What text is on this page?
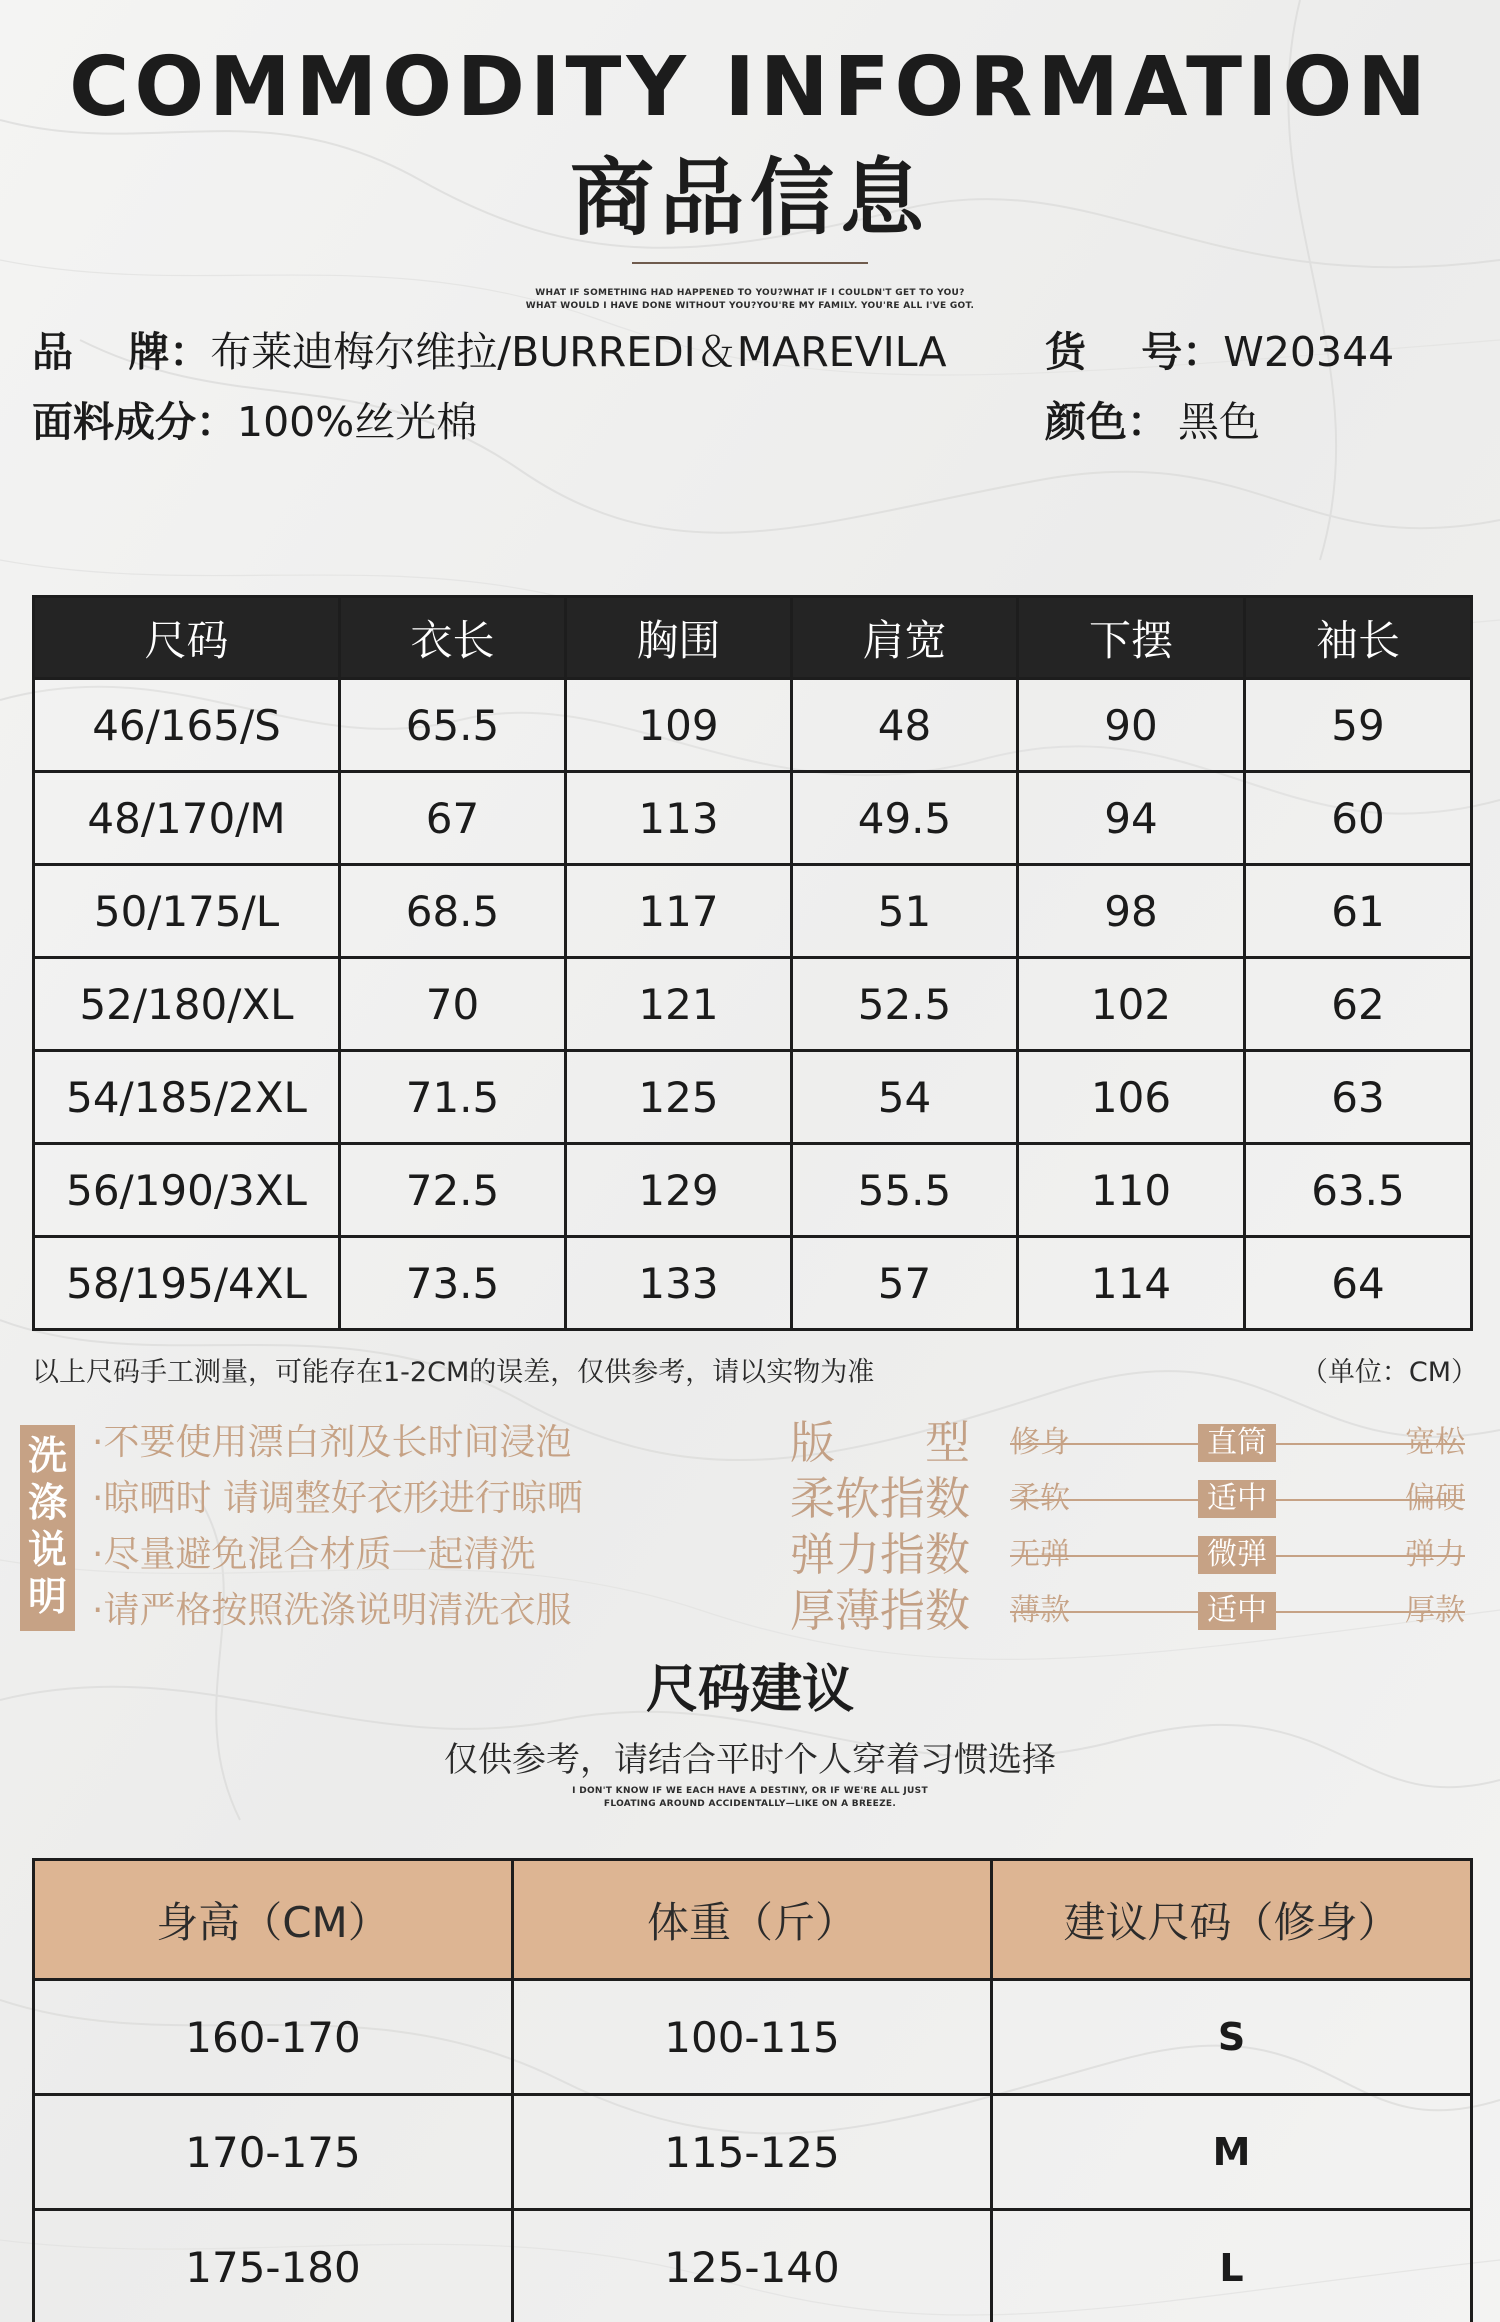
COMMODITY INFORMATION
商品信息
WHAT IF SOMETHING HAD HAPPENED TO YOU?WHAT IF I COULDN'T GET TO YOU?
WHAT WOULD I HAVE DONE WITHOUT YOU?YOU'RE MY FAMILY. YOU'RE ALL I'VE GOT.
品　 牌：布莱迪梅尔维拉/BURREDI＆MAREVILA 货　 号：W20344
面料成分：100%丝光棉	颜色： 黑色
尺码	衣长	胸围	肩宽	下摆	袖长
46/165/S	65.5	109	48	90	59
48/170/M	67	113	49.5	94	60
50/175/L	68.5	117	51	98	61
52/180/XL	70	121	52.5	102	62
54/185/2XL	71.5	125	54	106	63
56/190/3XL	72.5	129	55.5	110	63.5
58/195/4XL	73.5	133	57	114	64
以上尺码手工测量，可能存在1-2CM的误差，仅供参考，请以实物为准	（单位：CM）
洗
涤
说
明
·不要使用漂白剂及长时间浸泡
·晾晒时 请调整好衣形进行晾晒
·尽量避免混合材质一起清洗
·请严格按照洗涤说明清洗衣服
版型 修身	直筒	宽松
柔软指数 柔软	适中	偏硬
弹力指数 无弹	微弹	弹力
厚薄指数 薄款	适中	厚款
尺码建议
仅供参考，请结合平时个人穿着习惯选择
I DON'T KNOW IF WE EACH HAVE A DESTINY, OR IF WE'RE ALL JUST
FLOATING AROUND ACCIDENTALLY—LIKE ON A BREEZE.
身高（CM）	体重（斤）	建议尺码（修身）
160-170	100-115	S
170-175	115-125	M
175-180	125-140	L
